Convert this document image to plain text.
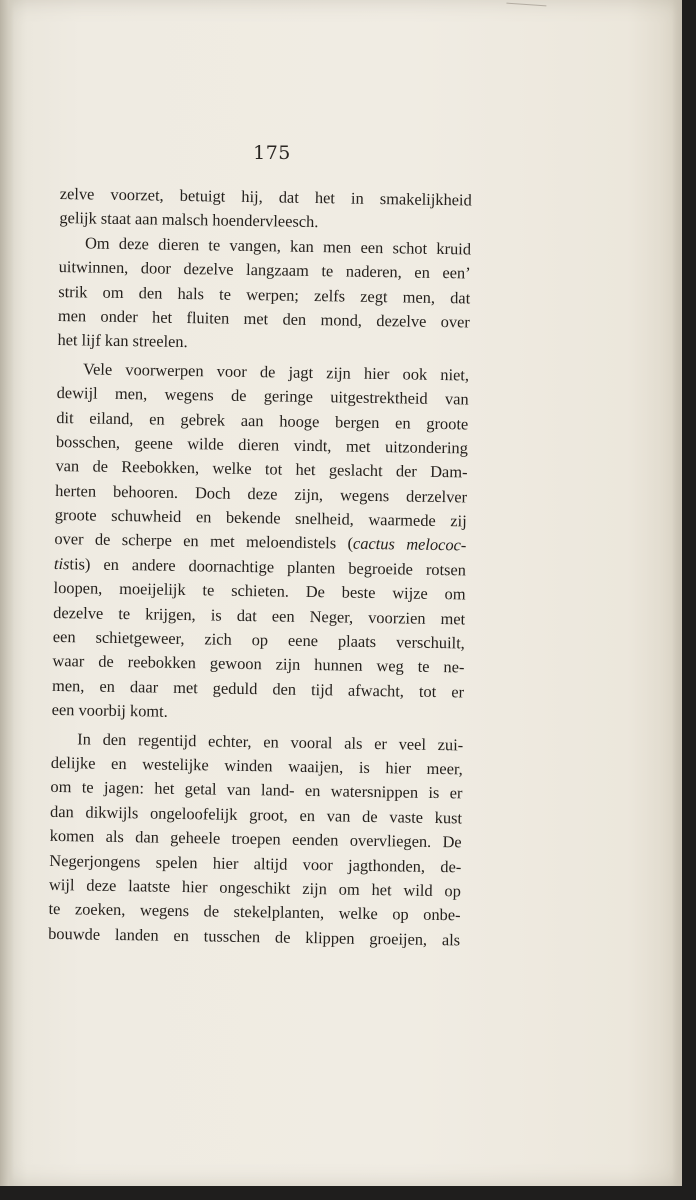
175
zelve voorzet, betuigt hij, dat het in smakelijkheid
gelijk staat aan malsch hoendervleesch.
Om deze dieren te vangen, kan men een schot kruid
uitwinnen, door dezelve langzaam te naderen, en een’
strik om den hals te werpen; zelfs zegt men, dat
men onder het fluiten met den mond, dezelve over
het lijf kan streelen.
Vele voorwerpen voor de jagt zijn hier ook niet,
dewijl men, wegens de geringe uitgestrektheid van
dit eiland, en gebrek aan hooge bergen en groote
bosschen, geene wilde dieren vindt, met uitzondering
van de Reebokken, welke tot het geslacht der Dam-
herten behooren. Doch deze zijn, wegens derzelver
groote schuwheid en bekende snelheid, waarmede zij
over de scherpe en met meloendistels (cactus melococ-
tistis) en andere doornachtige planten begroeide rotsen
loopen, moeijelijk te schieten. De beste wijze om
dezelve te krijgen, is dat een Neger, voorzien met
een schietgeweer, zich op eene plaats verschuilt,
waar de reebokken gewoon zijn hunnen weg te ne-
men, en daar met geduld den tijd afwacht, tot er
een voorbij komt.
In den regentijd echter, en vooral als er veel zui-
delijke en westelijke winden waaijen, is hier meer,
om te jagen: het getal van land- en watersnippen is er
dan dikwijls ongeloofelijk groot, en van de vaste kust
komen als dan geheele troepen eenden overvliegen. De
Negerjongens spelen hier altijd voor jagthonden, de-
wijl deze laatste hier ongeschikt zijn om het wild op
te zoeken, wegens de stekelplanten, welke op onbe-
bouwde landen en tusschen de klippen groeijen, als
